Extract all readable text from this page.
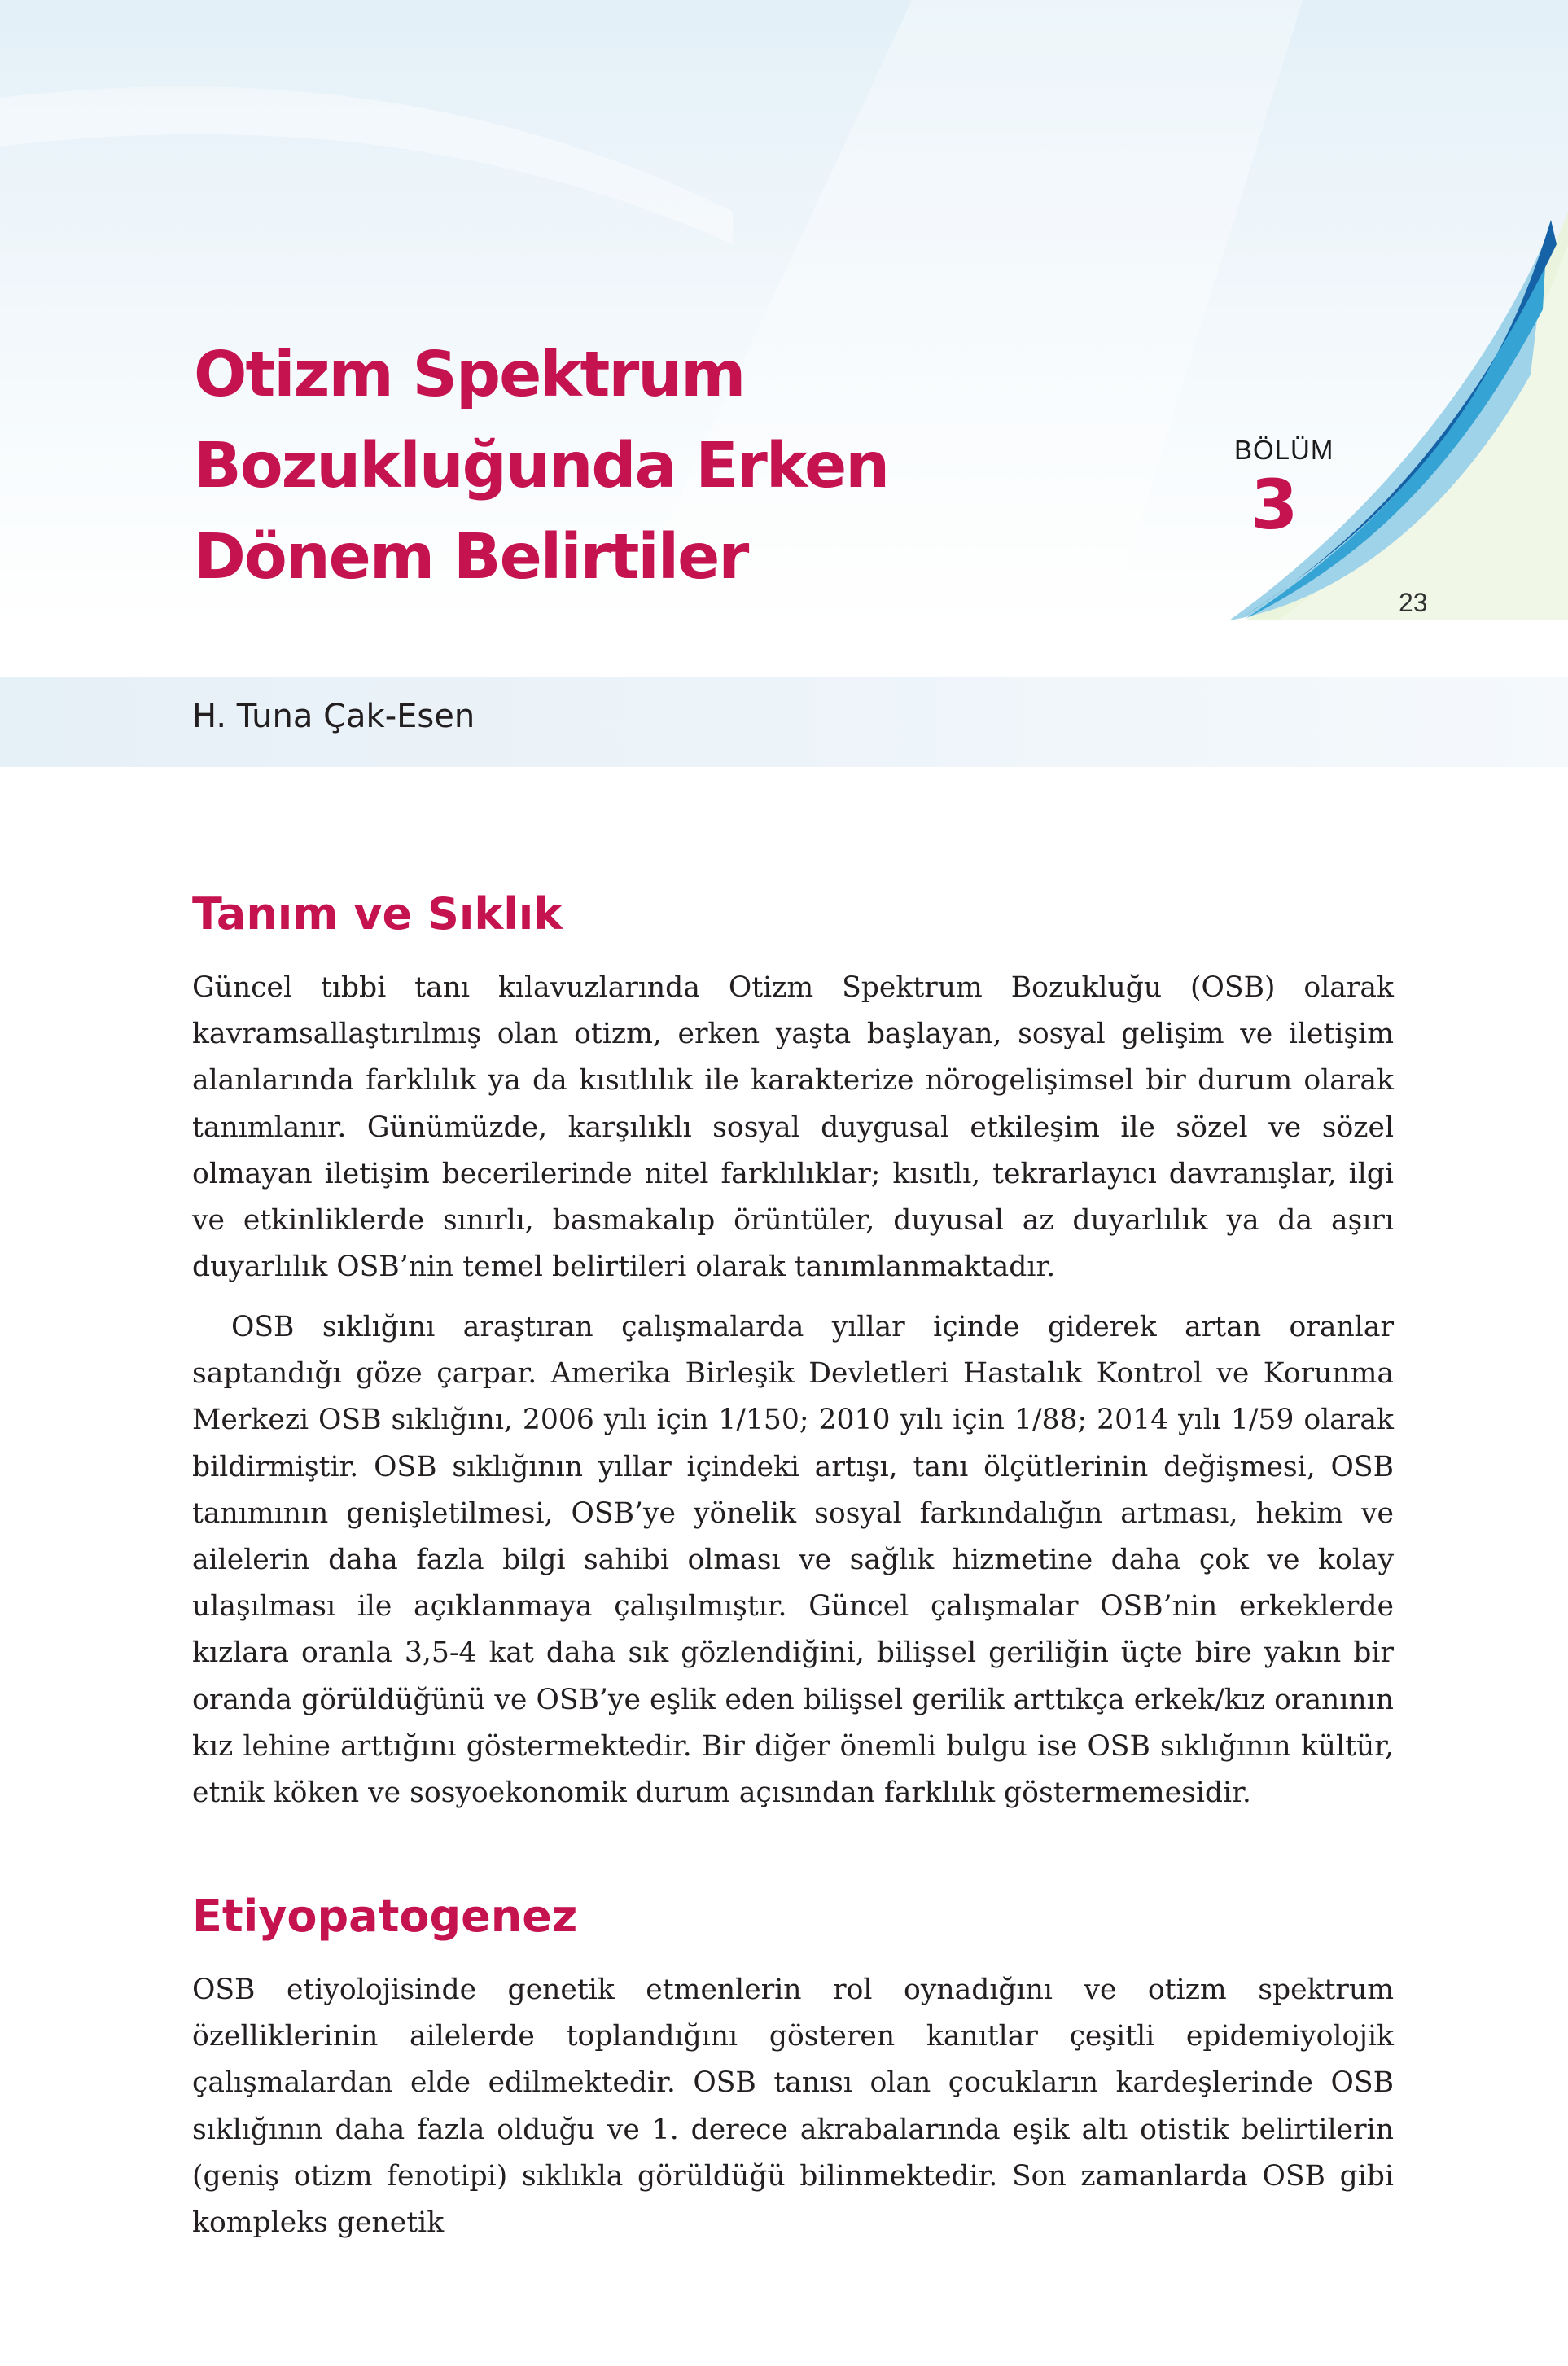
Otizm Spektrum
Bozukluğunda Erken
Dönem Belirtiler
BÖLÜM
3
23
H. Tuna Çak-Esen
Tanım ve Sıklık

Güncel tıbbi tanı kılavuzlarında Otizm Spektrum Bozukluğu (OSB) olarak kavramsallaştırılmış olan otizm, erken yaşta başlayan, sosyal gelişim ve iletişim alanlarında farklılık ya da kısıtlılık ile karakterize nörogelişimsel bir durum olarak tanımlanır. Günümüzde, karşılıklı sosyal duygusal etkileşim ile sözel ve sözel olmayan iletişim becerilerinde nitel farklılıklar; kısıtlı, tekrarlayıcı davranışlar, ilgi ve etkinliklerde sınırlı, basmakalıp örüntüler, duyusal az duyarlılık ya da aşırı duyarlılık OSB’nin temel belirtileri olarak tanımlanmaktadır.

OSB sıklığını araştıran çalışmalarda yıllar içinde giderek artan oranlar saptandığı göze çarpar. Amerika Birleşik Devletleri Hastalık Kontrol ve Korunma Merkezi OSB sıklığını, 2006 yılı için 1/150; 2010 yılı için 1/88; 2014 yılı 1/59 olarak bildirmiştir. OSB sıklığının yıllar içindeki artışı, tanı ölçütlerinin değişmesi, OSB tanımının genişletilmesi, OSB’ye yönelik sosyal farkındalığın artması, hekim ve ailelerin daha fazla bilgi sahibi olması ve sağlık hizmetine daha çok ve kolay ulaşılması ile açıklanmaya çalışılmıştır. Güncel çalışmalar OSB’nin erkeklerde kızlara oranla 3,5-4 kat daha sık gözlendiğini, bilişsel geriliğin üçte bire yakın bir oranda görüldüğünü ve OSB’ye eşlik eden bilişsel gerilik arttıkça erkek/kız oranının kız lehine arttığını göstermektedir. Bir diğer önemli bulgu ise OSB sıklığının kültür, etnik köken ve sosyoekonomik durum açısından farklılık göstermemesidir.

Etiyopatogenez

OSB etiyolojisinde genetik etmenlerin rol oynadığını ve otizm spektrum özelliklerinin ailelerde toplandığını gösteren kanıtlar çeşitli epidemiyolojik çalışmalardan elde edilmektedir. OSB tanısı olan çocukların kardeşlerinde OSB sıklığının daha fazla olduğu ve 1. derece akrabalarında eşik altı otistik belirtilerin (geniş otizm fenotipi) sıklıkla görüldüğü bilinmektedir. Son zamanlarda OSB gibi kompleks genetik
